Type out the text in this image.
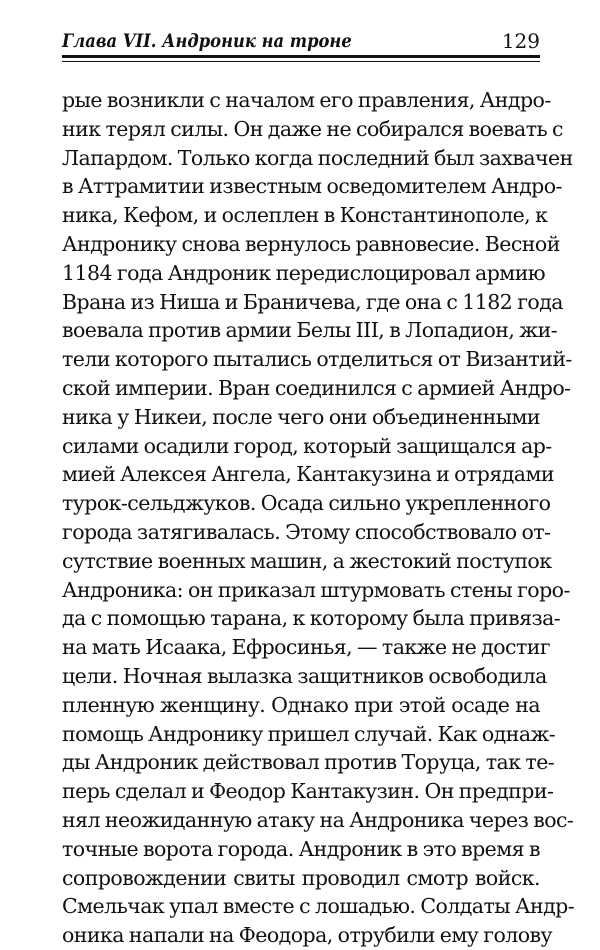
Глава VII. Андроник на троне	129
рые возникли с началом его правления, Андро-
ник терял силы. Он даже не собирался воевать с
Лапардом. Только когда последний был захвачен
в Аттрамитии известным осведомителем Андро-
ника, Кефом, и ослеплен в Константинополе, к
Андронику снова вернулось равновесие. Весной
1184 года Андроник передислоцировал армию
Врана из Ниша и Браничева, где она с 1182 года
воевала против армии Белы III, в Лопадион, жи-
тели которого пытались отделиться от Византий-
ской империи. Вран соединился с армией Андро-
ника у Никеи, после чего они объединенными
силами осадили город, который защищался ар-
мией Алексея Ангела, Кантакузина и отрядами
турок-сельджуков. Осада сильно укрепленного
города затягивалась. Этому способствовало от-
сутствие военных машин, а жестокий поступок
Андроника: он приказал штурмовать стены горо-
да с помощью тарана, к которому была привяза-
на мать Исаака, Ефросинья, — также не достиг
цели. Ночная вылазка защитников освободила
пленную женщину. Однако при этой осаде на
помощь Андронику пришел случай. Как однаж-
ды Андроник действовал против Торуца, так те-
перь сделал и Феодор Кантакузин. Он предпри-
нял неожиданную атаку на Андроника через вос-
точные ворота города. Андроник в это время в
сопровождении свиты проводил смотр войск.
Смельчак упал вместе с лошадью. Солдаты Андр-
оника напали на Феодора, отрубили ему голову
